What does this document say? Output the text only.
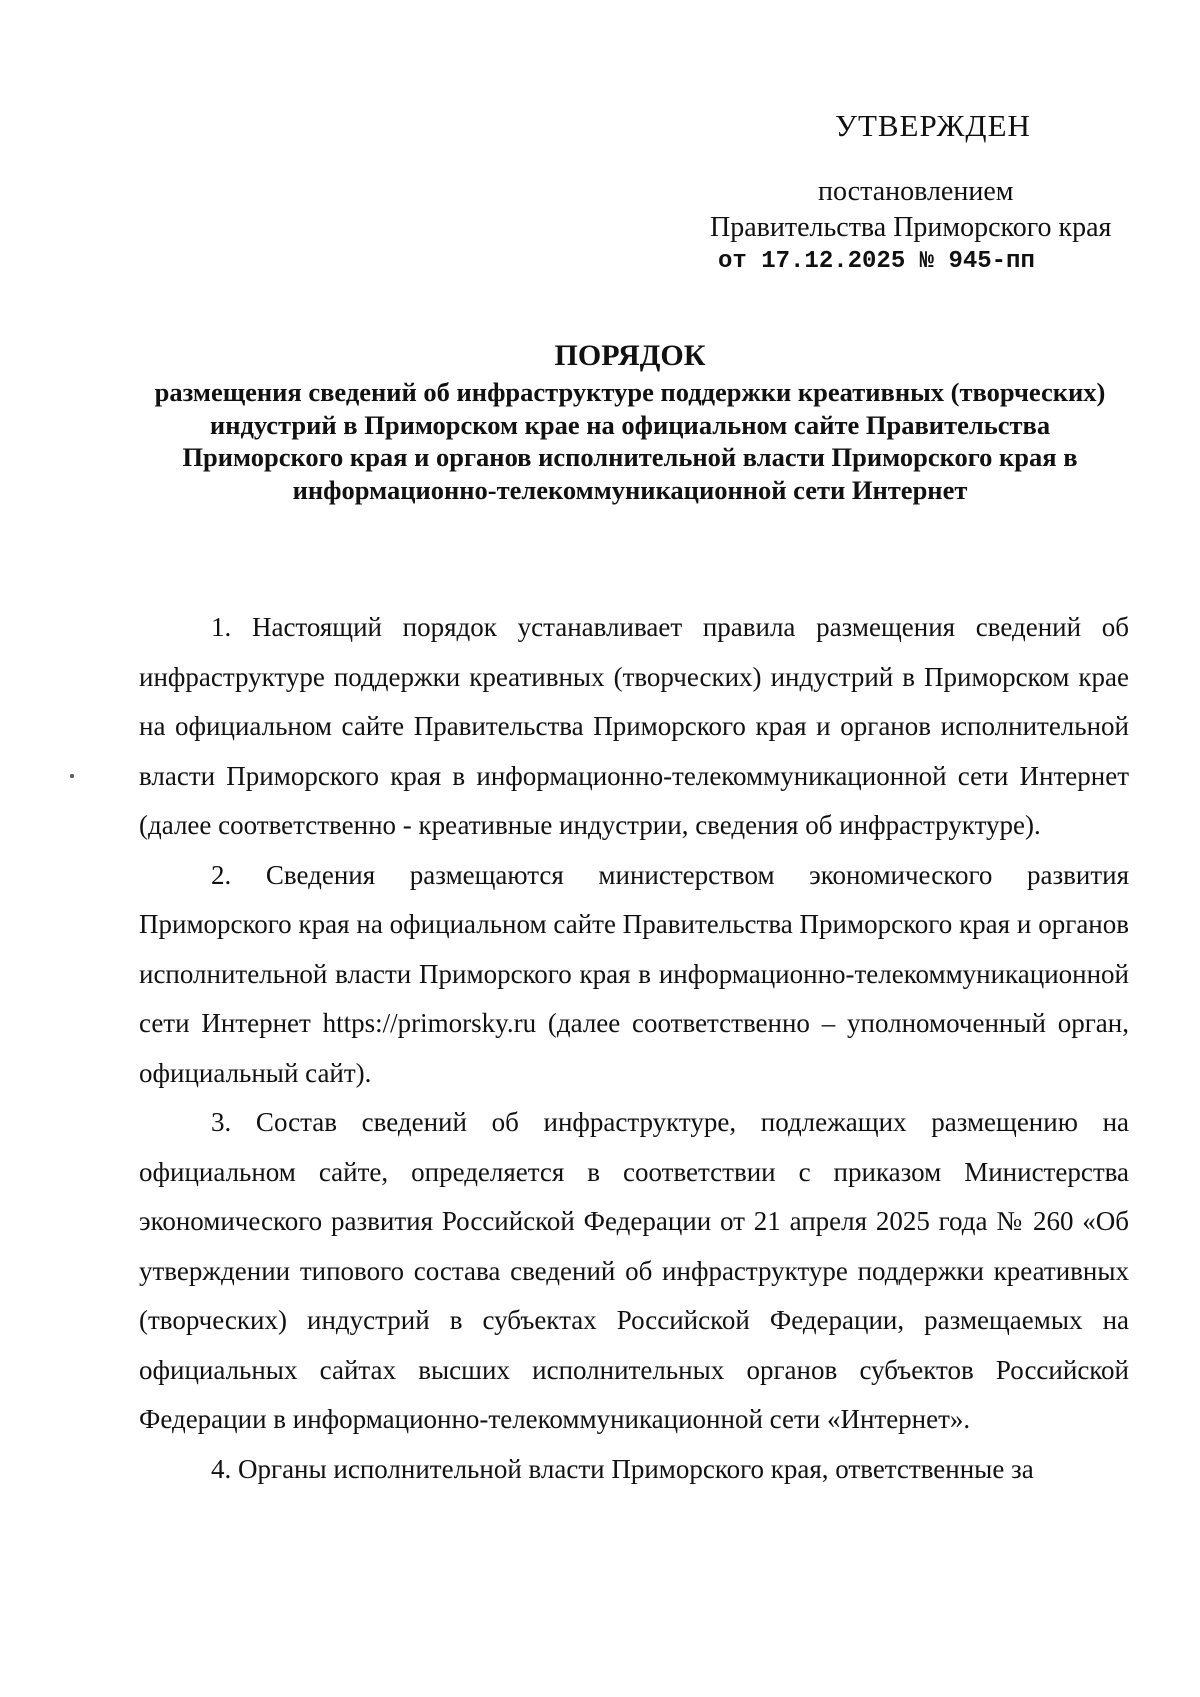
УТВЕРЖДЕН
постановлением
Правительства Приморского края
от 17.12.2025 № 945-пп
ПОРЯДОК
размещения сведений об инфраструктуре поддержки креативных (творческих) индустрий в Приморском крае на официальном сайте Правительства Приморского края и органов исполнительной власти Приморского края в информационно-телекоммуникационной сети Интернет

1. Настоящий порядок устанавливает правила размещения сведений об инфраструктуре поддержки креативных (творческих) индустрий в Приморском крае на официальном сайте Правительства Приморского края и органов исполнительной власти Приморского края в информационно-телекоммуникационной сети Интернет (далее соответственно - креативные индустрии, сведения об инфраструктуре).

2. Сведения размещаются министерством экономического развития Приморского края на официальном сайте Правительства Приморского края и органов исполнительной власти Приморского края в информационно-телекоммуникационной сети Интернет https://primorsky.ru (далее соответственно – уполномоченный орган, официальный сайт).

3. Состав сведений об инфраструктуре, подлежащих размещению на официальном сайте, определяется в соответствии с приказом Министерства экономического развития Российской Федерации от 21 апреля 2025 года № 260 «Об утверждении типового состава сведений об инфраструктуре поддержки креативных (творческих) индустрий в субъектах Российской Федерации, размещаемых на официальных сайтах высших исполнительных органов субъектов Российской Федерации в информационно-телекоммуникационной сети «Интернет».

4. Органы исполнительной власти Приморского края, ответственные за
